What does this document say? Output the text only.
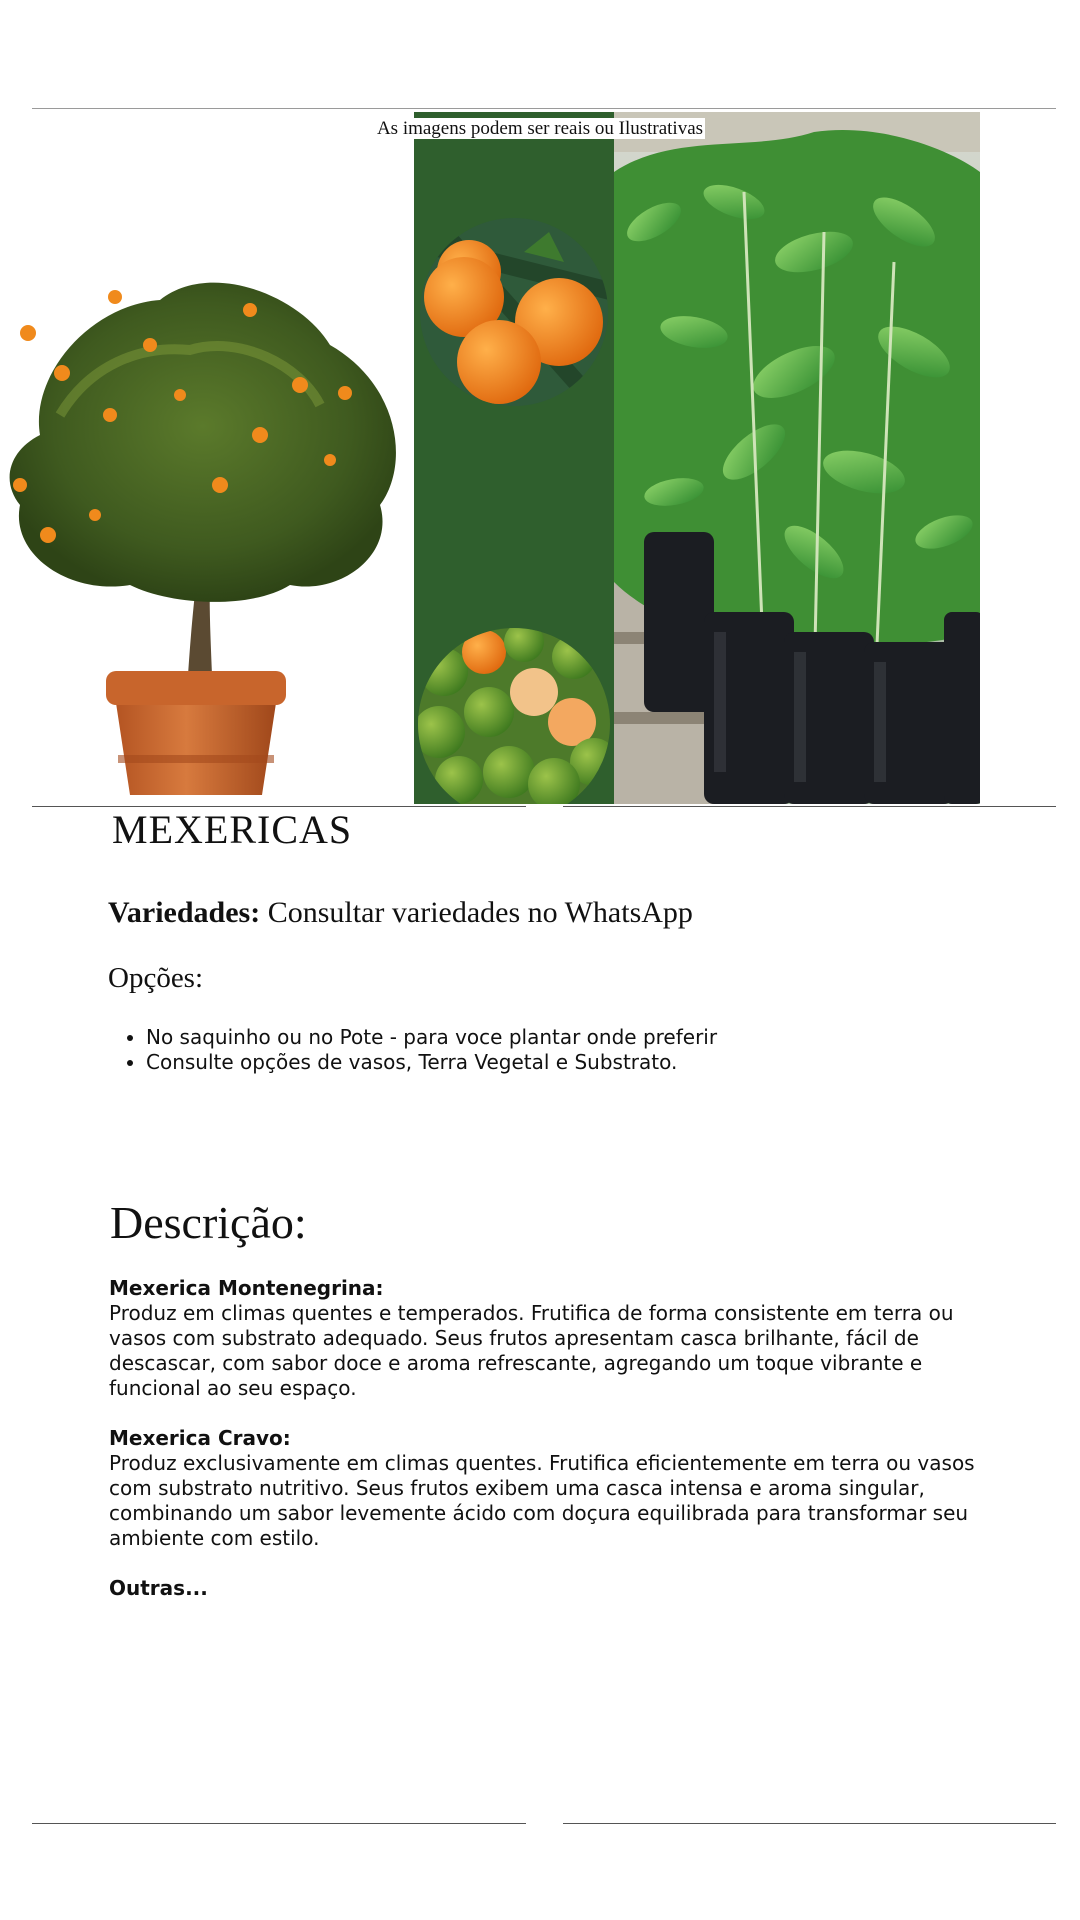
As imagens podem ser reais ou Ilustrativas
MEXERICAS
Variedades: Consultar variedades no WhatsApp
Opções:
• No saquinho ou no Pote - para voce plantar onde preferir
• Consulte opções de vasos, Terra Vegetal e Substrato.
Descrição:

Mexerica Montenegrina:

Produz em climas quentes e temperados. Frutifica de forma consistente em terra ou vasos com substrato adequado. Seus frutos apresentam casca brilhante, fácil de descascar, com sabor doce e aroma refrescante, agregando um toque vibrante e funcional ao seu espaço.

Mexerica Cravo:

Produz exclusivamente em climas quentes. Frutifica eficientemente em terra ou vasos com substrato nutritivo. Seus frutos exibem uma casca intensa e aroma singular, combinando um sabor levemente ácido com doçura equilibrada para transformar seu ambiente com estilo.

Outras...
